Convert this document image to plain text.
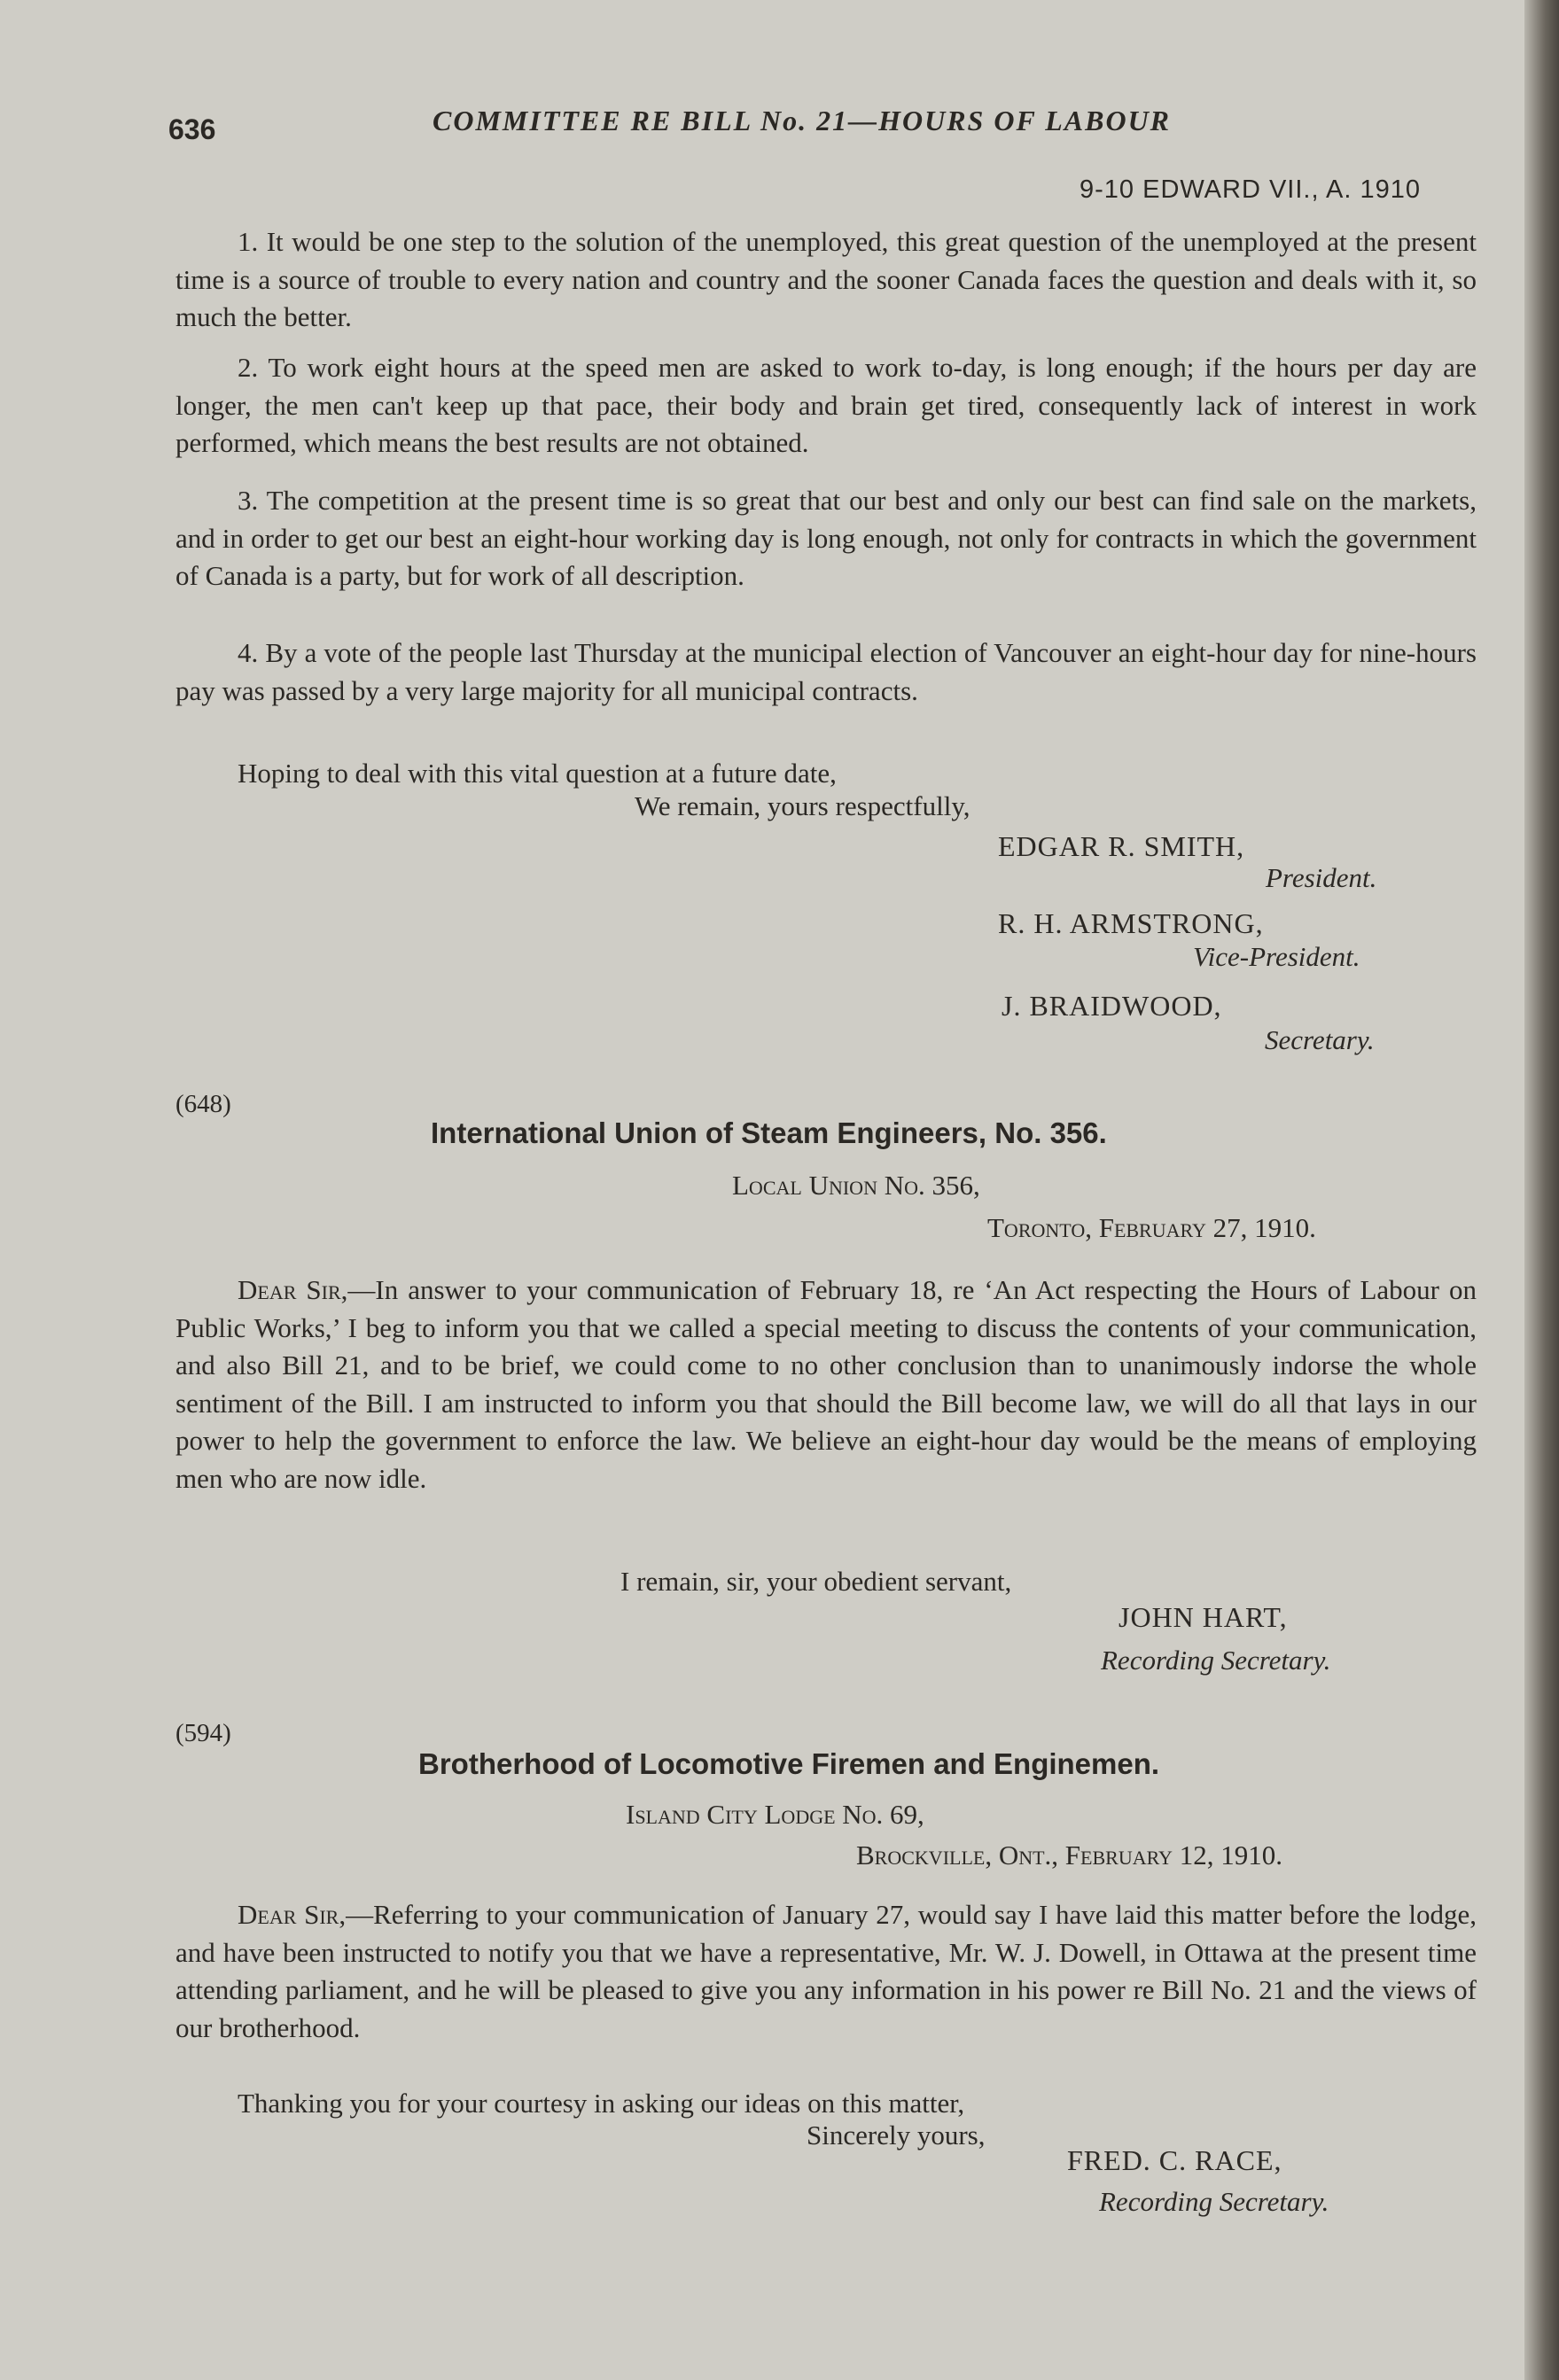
636	COMMITTEE RE BILL No. 21—HOURS OF LABOUR
9-10 EDWARD VII., A. 1910
1. It would be one step to the solution of the unemployed, this great question of the unemployed at the present time is a source of trouble to every nation and country and the sooner Canada faces the question and deals with it, so much the better.
2. To work eight hours at the speed men are asked to work to-day, is long enough; if the hours per day are longer, the men can't keep up that pace, their body and brain get tired, consequently lack of interest in work performed, which means the best results are not obtained.
3. The competition at the present time is so great that our best and only our best can find sale on the markets, and in order to get our best an eight-hour working day is long enough, not only for contracts in which the government of Canada is a party, but for work of all description.
4. By a vote of the people last Thursday at the municipal election of Vancouver an eight-hour day for nine-hours pay was passed by a very large majority for all municipal contracts.
Hoping to deal with this vital question at a future date,
We remain, yours respectfully,
EDGAR R. SMITH,
President.
R. H. ARMSTRONG,
Vice-President.
J. BRAIDWOOD,
Secretary.
(648)
International Union of Steam Engineers, No. 356.
Local Union No. 356,
Toronto, February 27, 1910.
Dear Sir,—In answer to your communication of February 18, re ‘An Act respecting the Hours of Labour on Public Works,’ I beg to inform you that we called a special meeting to discuss the contents of your communication, and also Bill 21, and to be brief, we could come to no other conclusion than to unanimously indorse the whole sentiment of the Bill. I am instructed to inform you that should the Bill become law, we will do all that lays in our power to help the government to enforce the law. We believe an eight-hour day would be the means of employing men who are now idle.
I remain, sir, your obedient servant,
JOHN HART,
Recording Secretary.
(594)
Brotherhood of Locomotive Firemen and Enginemen.
Island City Lodge No. 69,
Brockville, Ont., February 12, 1910.
Dear Sir,—Referring to your communication of January 27, would say I have laid this matter before the lodge, and have been instructed to notify you that we have a representative, Mr. W. J. Dowell, in Ottawa at the present time attending parliament, and he will be pleased to give you any information in his power re Bill No. 21 and the views of our brotherhood.
Thanking you for your courtesy in asking our ideas on this matter,
Sincerely yours,
FRED. C. RACE,
Recording Secretary.
